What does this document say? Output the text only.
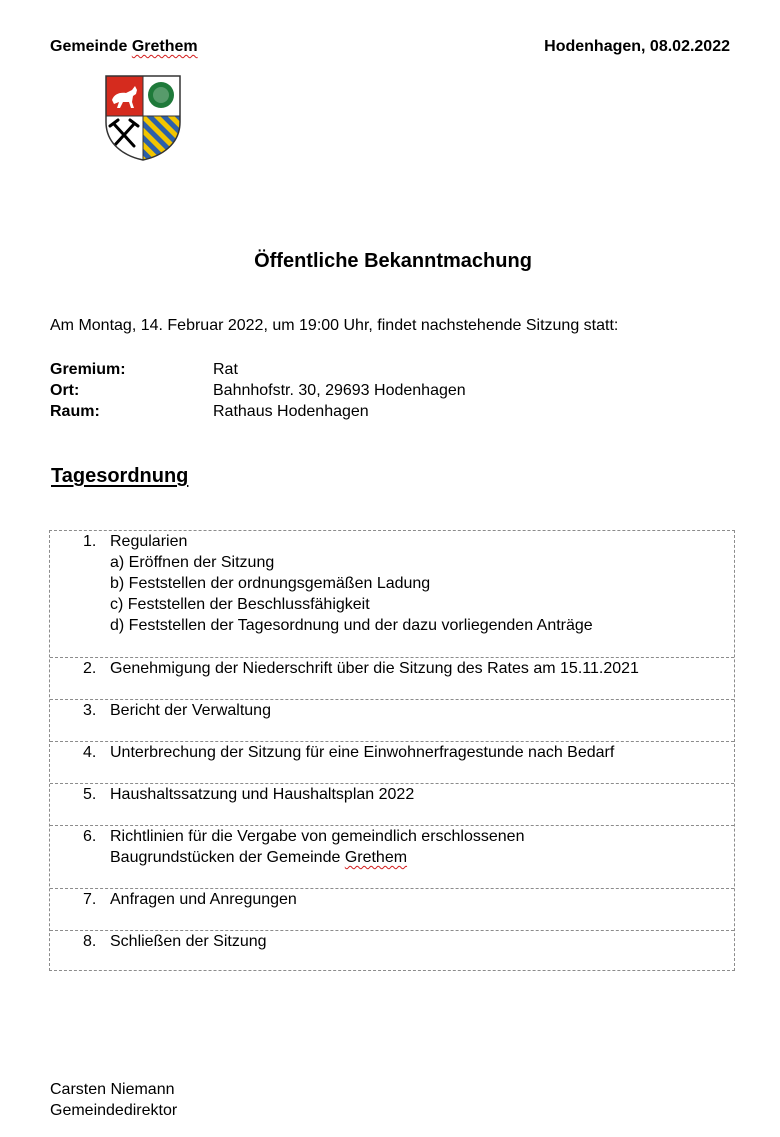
Gemeinde Grethem	Hodenhagen, 08.02.2022
Öffentliche Bekanntmachung
Am Montag, 14. Februar 2022, um 19:00 Uhr, findet nachstehende Sitzung statt:
Gremium:	Rat
Ort:	Bahnhofstr. 30, 29693 Hodenhagen
Raum:	Rathaus Hodenhagen
Tagesordnung
1. Regularien
a) Eröffnen der Sitzung
b) Feststellen der ordnungsgemäßen Ladung
c) Feststellen der Beschlussfähigkeit
d) Feststellen der Tagesordnung und der dazu vorliegenden Anträge
2. Genehmigung der Niederschrift über die Sitzung des Rates am 15.11.2021
3. Bericht der Verwaltung
4. Unterbrechung der Sitzung für eine Einwohnerfragestunde nach Bedarf
5. Haushaltssatzung und Haushaltsplan 2022
6. Richtlinien für die Vergabe von gemeindlich erschlossenen
Baugrundstücken der Gemeinde Grethem
7. Anfragen und Anregungen
8. Schließen der Sitzung
Carsten Niemann
Gemeindedirektor
